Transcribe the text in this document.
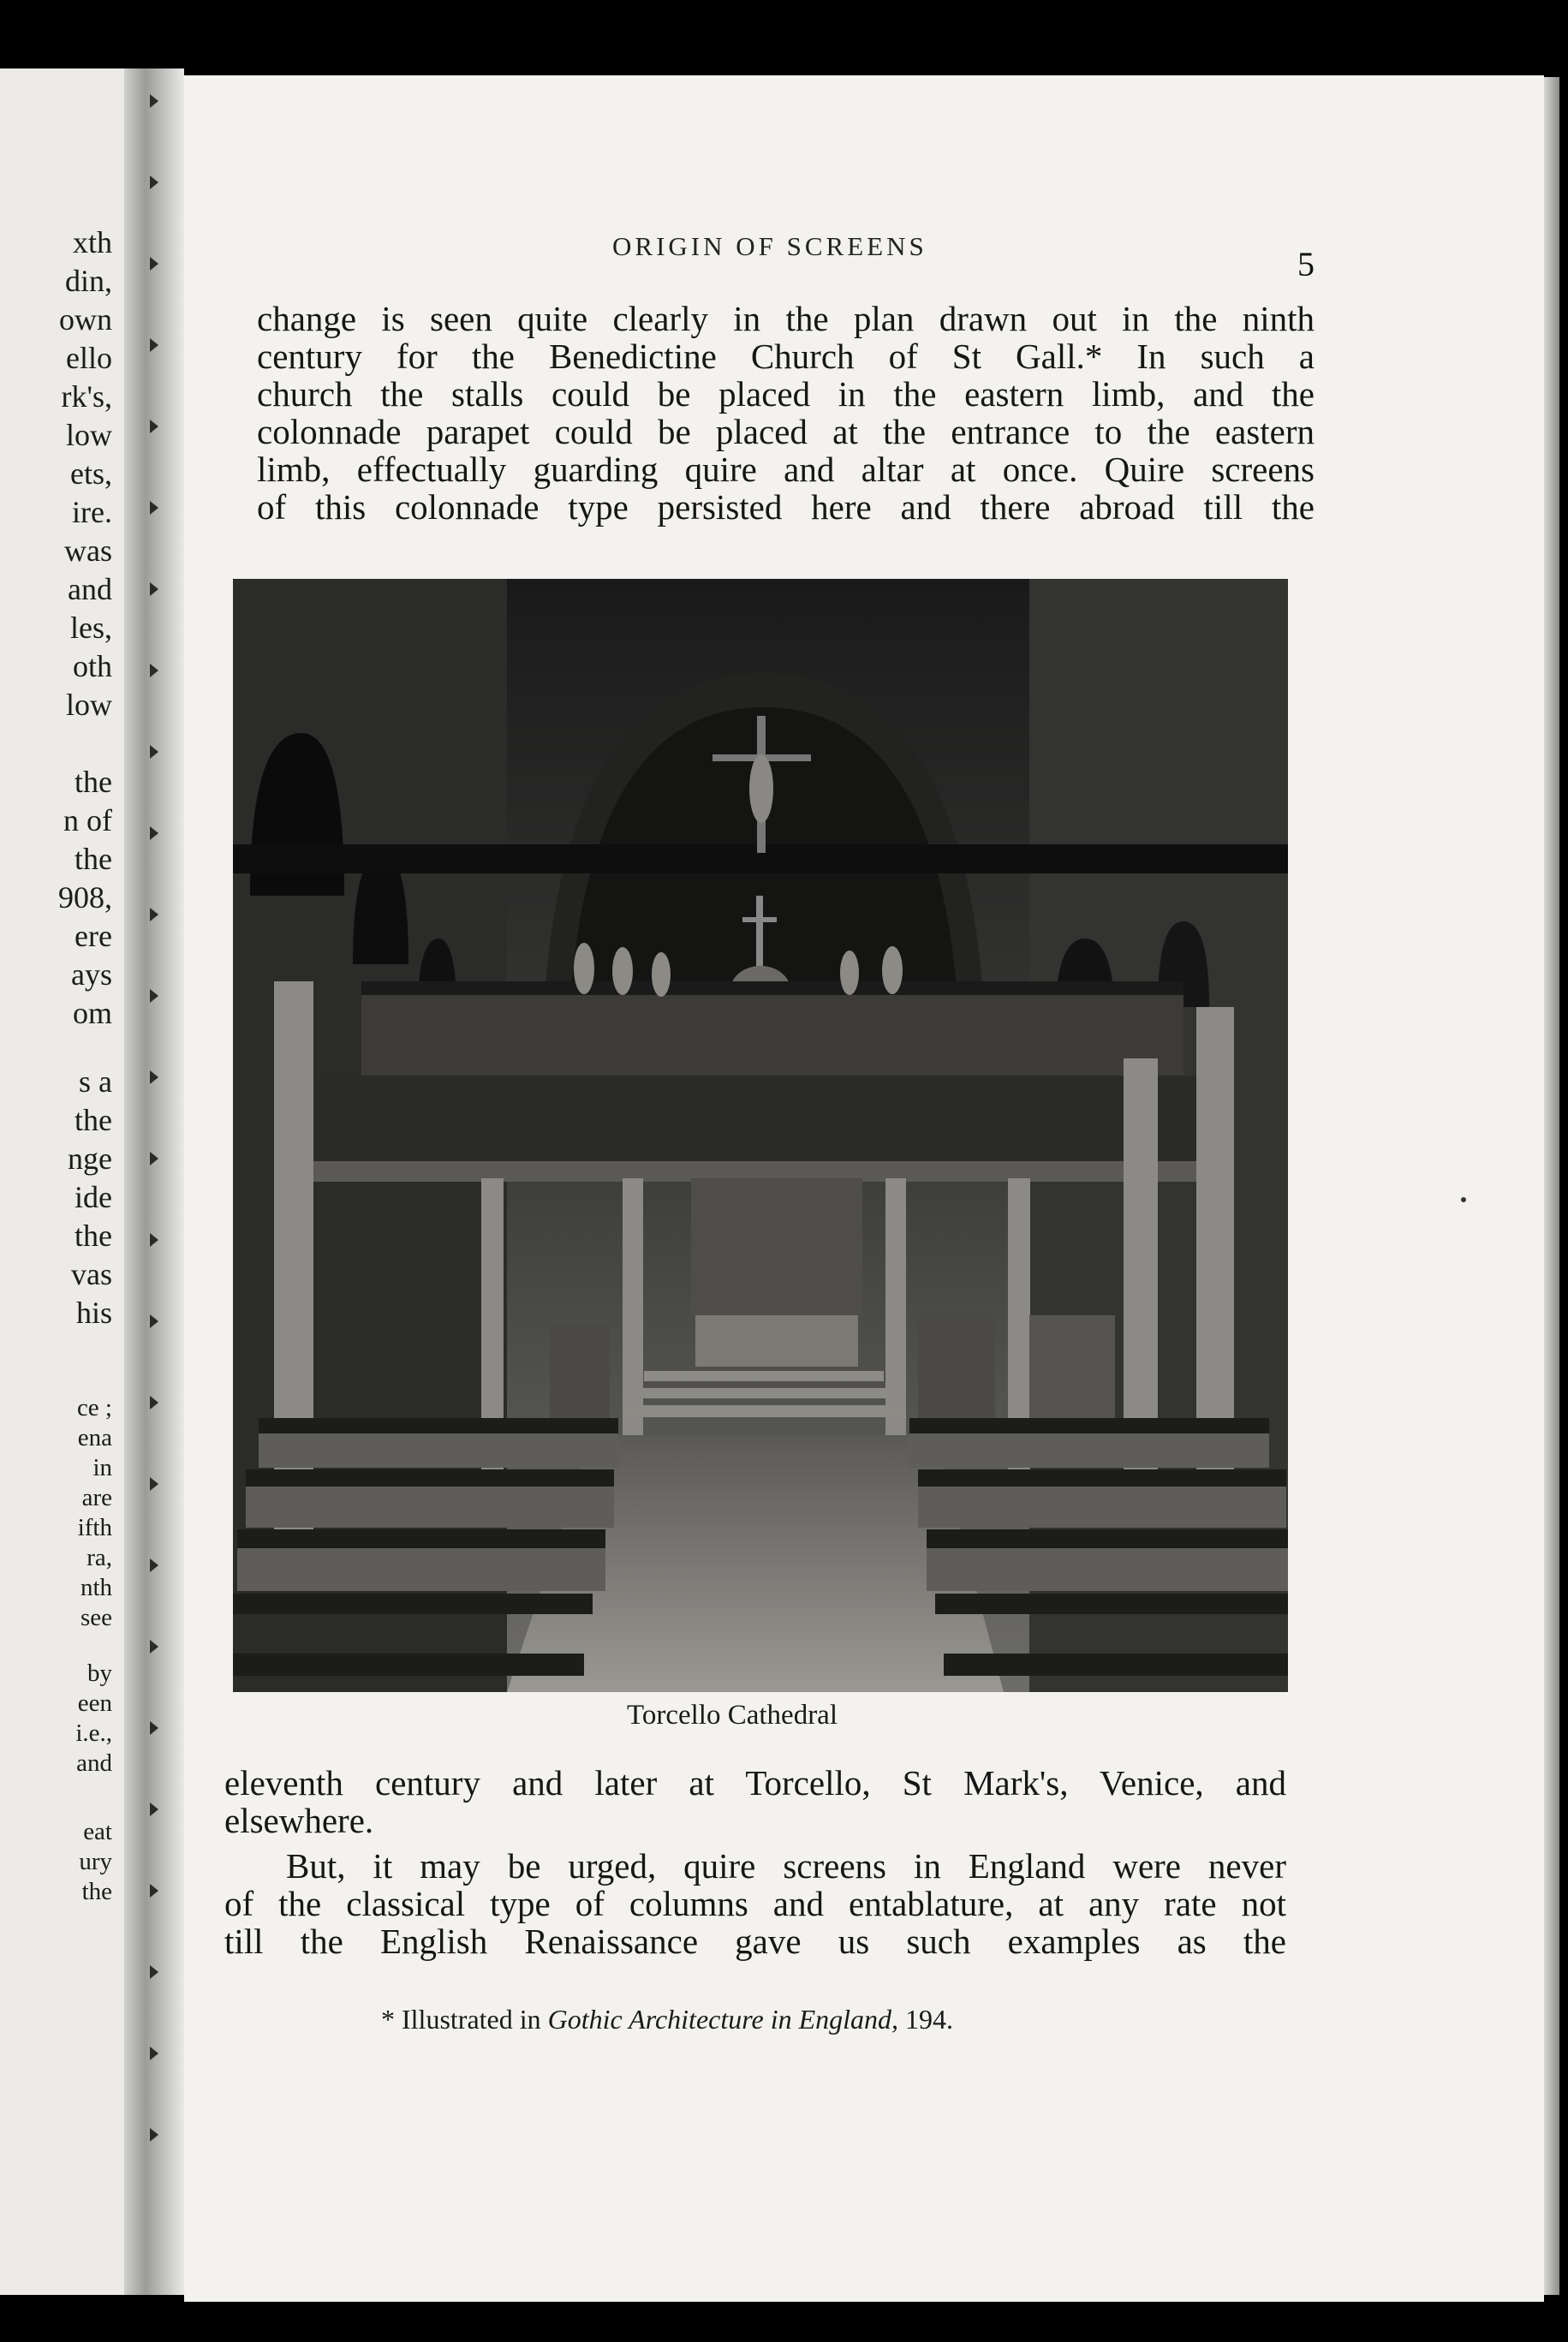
xth
din,
own
ello
rk's,
low
ets,
ire.
was
and
les,
oth
low
the
n of
the
908,
ere
ays
om
s a
the
nge
ide
the
vas
his
ce ;
ena
in
are
ifth
ra,
nth
see
by
een
i.e.,
and
eat
ury
the
ORIGIN OF SCREENS	5
change is seen quite clearly in the plan drawn out in the ninth
century for the Benedictine Church of St Gall.* In such a
church the stalls could be placed in the eastern limb, and the
colonnade parapet could be placed at the entrance to the eastern
limb, effectually guarding quire and altar at once. Quire screens
of this colonnade type persisted here and there abroad till the
Torcello Cathedral
eleventh century and later at Torcello, St Mark's, Venice, and
elsewhere.
But, it may be urged, quire screens in England were never
of the classical type of columns and entablature, at any rate not
till the English Renaissance gave us such examples as the
* Illustrated in Gothic Architecture in England, 194.
